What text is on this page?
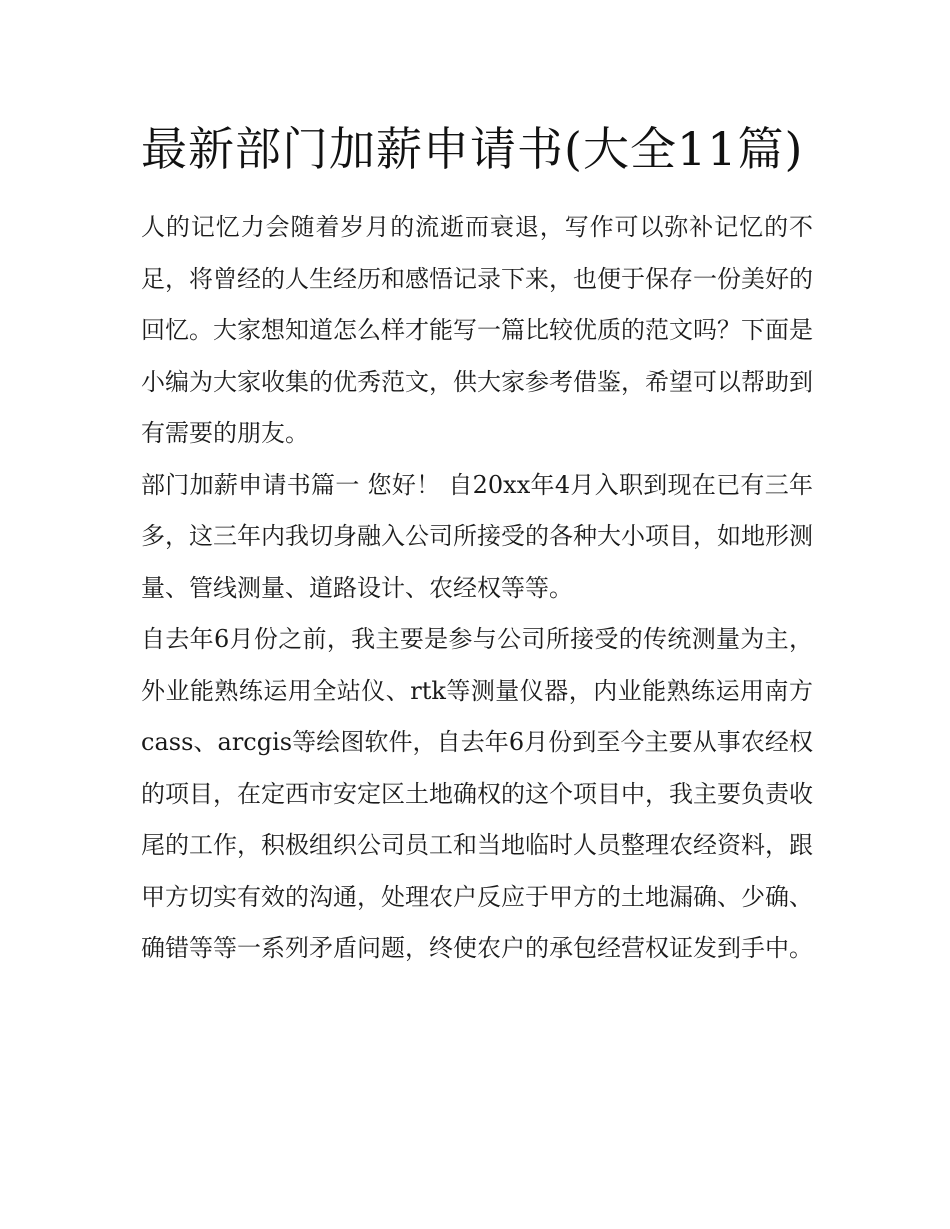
最新部门加薪申请书(大全11篇)

人的记忆力会随着岁月的流逝而衰退，写作可以弥补记忆的不足，将曾经的人生经历和感悟记录下来，也便于保存一份美好的回忆。大家想知道怎么样才能写一篇比较优质的范文吗？下面是小编为大家收集的优秀范文，供大家参考借鉴，希望可以帮助到有需要的朋友。

部门加薪申请书篇一 您好！ 自20xx年4月入职到现在已有三年多，这三年内我切身融入公司所接受的各种大小项目，如地形测量、管线测量、道路设计、农经权等等。

自去年6月份之前，我主要是参与公司所接受的传统测量为主，外业能熟练运用全站仪、rtk等测量仪器，内业能熟练运用南方cass、arcgis等绘图软件，自去年6月份到至今主要从事农经权的项目，在定西市安定区土地确权的这个项目中，我主要负责收尾的工作，积极组织公司员工和当地临时人员整理农经资料，跟甲方切实有效的沟通，处理农户反应于甲方的土地漏确、少确、确错等等一系列矛盾问题，终使农户的承包经营权证发到手中。
